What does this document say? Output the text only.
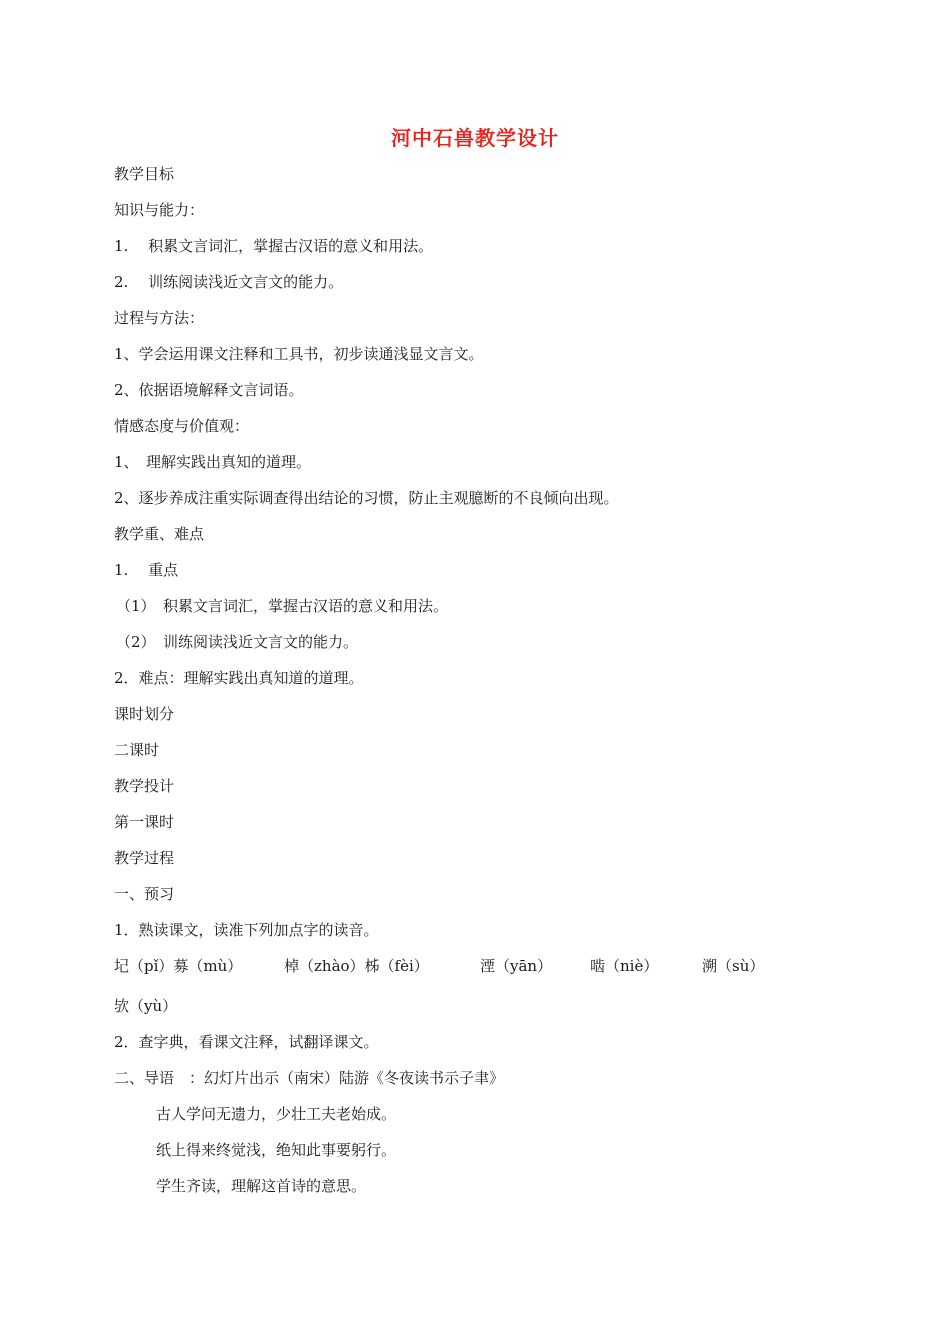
河中石兽教学设计
教学目标
知识与能力：
1.　 积累文言词汇，掌握古汉语的意义和用法。
2.　 训练阅读浅近文言文的能力。
过程与方法：
1、学会运用课文注释和工具书，初步读通浅显文言文。
2、依据语境解释文言词语。
情感态度与价值观：
1、　理解实践出真知的道理。
2、逐步养成注重实际调查得出结论的习惯，防止主观臆断的不良倾向出现。
教学重、难点
1.　 重点
（1）　积累文言词汇，掌握古汉语的意义和用法。
（2）　训练阅读浅近文言文的能力。
2．难点：理解实践出真知道的道理。
课时划分
二课时
教学投计
第一课时
教学过程
一、预习
1．熟读课文，读准下列加点字的读音。
圮（pǐ）募（mù）	棹（zhào）柹（fèi）	湮（yān）	啮（niè）	溯（sù）
欤（yù）
2．查字典，看课文注释，试翻译课文。
二、导语　：幻灯片出示（南宋）陆游《冬夜读书示子聿》
古人学问无遗力，少壮工夫老始成。
纸上得来终觉浅，绝知此事要躬行。
学生齐读，理解这首诗的意思。
